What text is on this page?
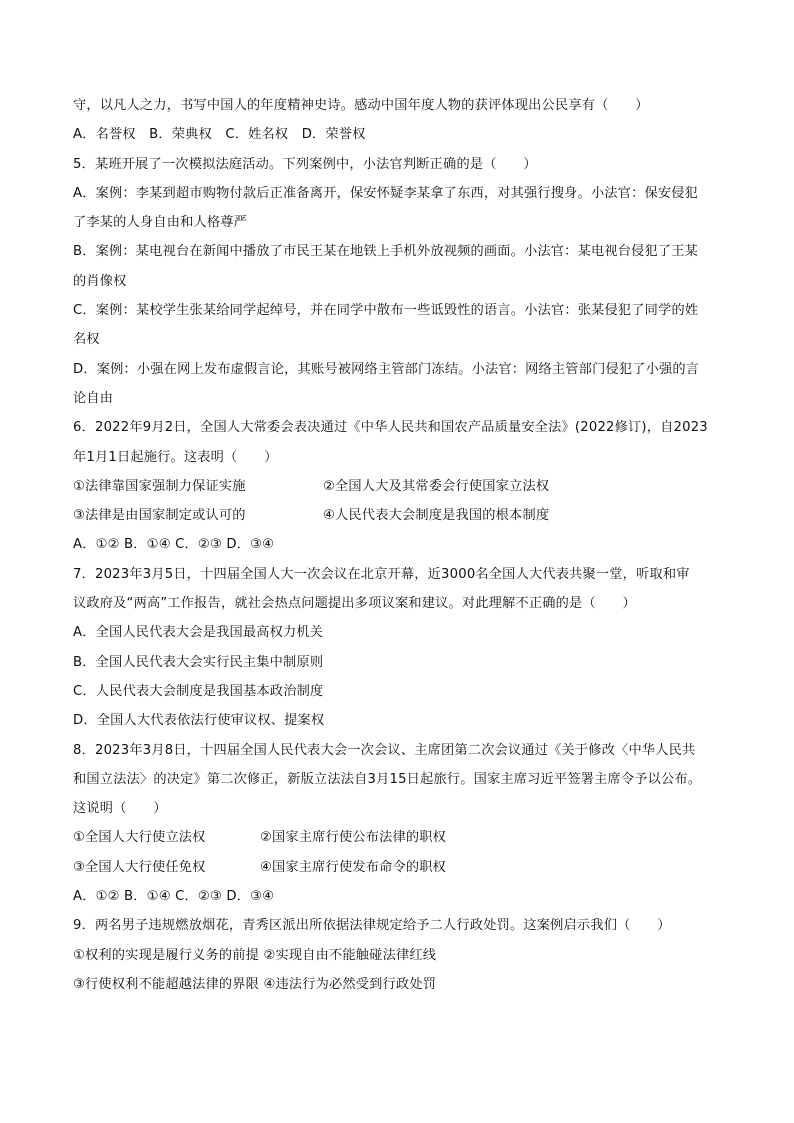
守，以凡人之力，书写中国人的年度精神史诗。感动中国年度人物的获评体现出公民享有（　　）
A．名誉权　B．荣典权　C．姓名权　D．荣誉权
5．某班开展了一次模拟法庭活动。下列案例中，小法官判断正确的是（　　）
A．案例：李某到超市购物付款后正准备离开，保安怀疑李某拿了东西，对其强行搜身。小法官：保安侵犯
了李某的人身自由和人格尊严
B．案例：某电视台在新闻中播放了市民王某在地铁上手机外放视频的画面。小法官：某电视台侵犯了王某
的肖像权
C．案例：某校学生张某给同学起绰号，并在同学中散布一些诋毁性的语言。小法官：张某侵犯了同学的姓
名权
D．案例：小强在网上发布虚假言论，其账号被网络主管部门冻结。小法官：网络主管部门侵犯了小强的言
论自由
6．2022年9月2日，全国人大常委会表决通过《中华人民共和国农产品质量安全法》(2022修订)，自2023
年1月1日起施行。这表明（　　）
①法律靠国家强制力保证实施	②全国人大及其常委会行使国家立法权
③法律是由国家制定或认可的	④人民代表大会制度是我国的根本制度
A．①② B．①④ C．②③ D．③④
7．2023年3月5日，十四届全国人大一次会议在北京开幕，近3000名全国人大代表共聚一堂，听取和审
议政府及“两高”工作报告，就社会热点问题提出多项议案和建议。对此理解不正确的是（　　）
A．全国人民代表大会是我国最高权力机关
B．全国人民代表大会实行民主集中制原则
C．人民代表大会制度是我国基本政治制度
D．全国人大代表依法行使审议权、提案权
8．2023年3月8日，十四届全国人民代表大会一次会议、主席团第二次会议通过《关于修改〈中华人民共
和国立法法〉的决定》第二次修正，新版立法法自3月15日起旅行。国家主席习近平签署主席令予以公布。
这说明（　　）
①全国人大行使立法权	②国家主席行使公布法律的职权
③全国人大行使任免权	④国家主席行使发布命令的职权
A．①② B．①④ C．②③ D．③④
9．两名男子违规燃放烟花，青秀区派出所依据法律规定给予二人行政处罚。这案例启示我们（　　）
①权利的实现是履行义务的前提 ②实现自由不能触碰法律红线
③行使权利不能超越法律的界限 ④违法行为必然受到行政处罚
